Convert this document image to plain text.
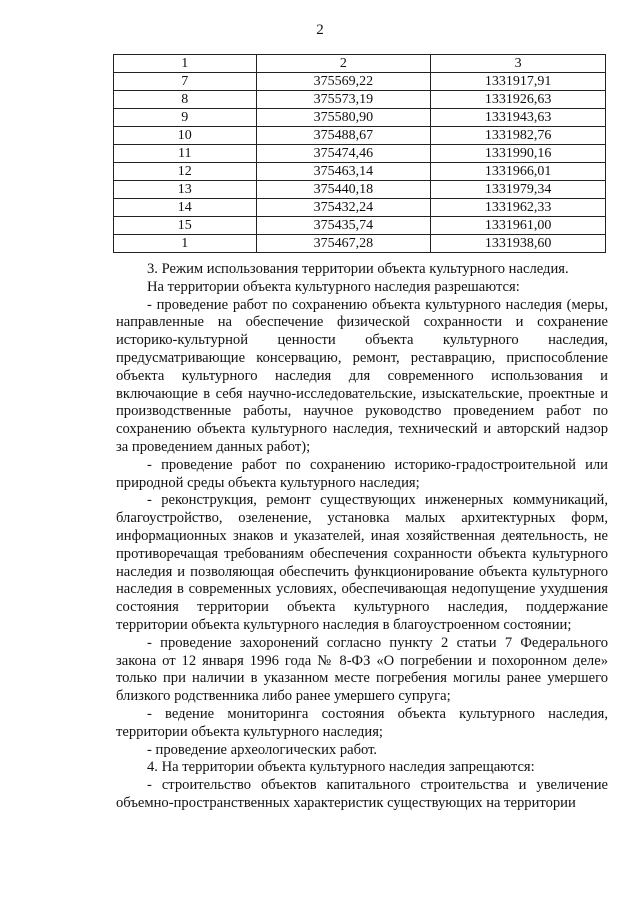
2
1	2	3
7	375569,22	1331917,91
8	375573,19	1331926,63
9	375580,90	1331943,63
10	375488,67	1331982,76
11	375474,46	1331990,16
12	375463,14	1331966,01
13	375440,18	1331979,34
14	375432,24	1331962,33
15	375435,74	1331961,00
1	375467,28	1331938,60

3. Режим использования территории объекта культурного наследия.

На территории объекта культурного наследия разрешаются:

- проведение работ по сохранению объекта культурного наследия (меры, направленные на обеспечение физической сохранности и сохранение историко-культурной ценности объекта культурного наследия, предусматривающие консервацию, ремонт, реставрацию, приспособление объекта культурного наследия для современного использования и включающие в себя научно-исследовательские, изыскательские, проектные и производственные работы, научное руководство проведением работ по сохранению объекта культурного наследия, технический и авторский надзор за проведением данных работ);

- проведение работ по сохранению историко-градостроительной или природной среды объекта культурного наследия;

- реконструкция, ремонт существующих инженерных коммуникаций, благоустройство, озеленение, установка малых архитектурных форм, информационных знаков и указателей, иная хозяйственная деятельность, не противоречащая требованиям обеспечения сохранности объекта культурного наследия и позволяющая обеспечить функционирование объекта культурного наследия в современных условиях, обеспечивающая недопущение ухудшения состояния территории объекта культурного наследия, поддержание территории объекта культурного наследия в благоустроенном состоянии;

- проведение захоронений согласно пункту 2 статьи 7 Федерального закона от 12 января 1996 года № 8-ФЗ «О погребении и похоронном деле» только при наличии в указанном месте погребения могилы ранее умершего близкого родственника либо ранее умершего супруга;

- ведение мониторинга состояния объекта культурного наследия, территории объекта культурного наследия;

- проведение археологических работ.

4. На территории объекта культурного наследия запрещаются:

- строительство объектов капитального строительства и увеличение объемно-пространственных характеристик существующих на территории
